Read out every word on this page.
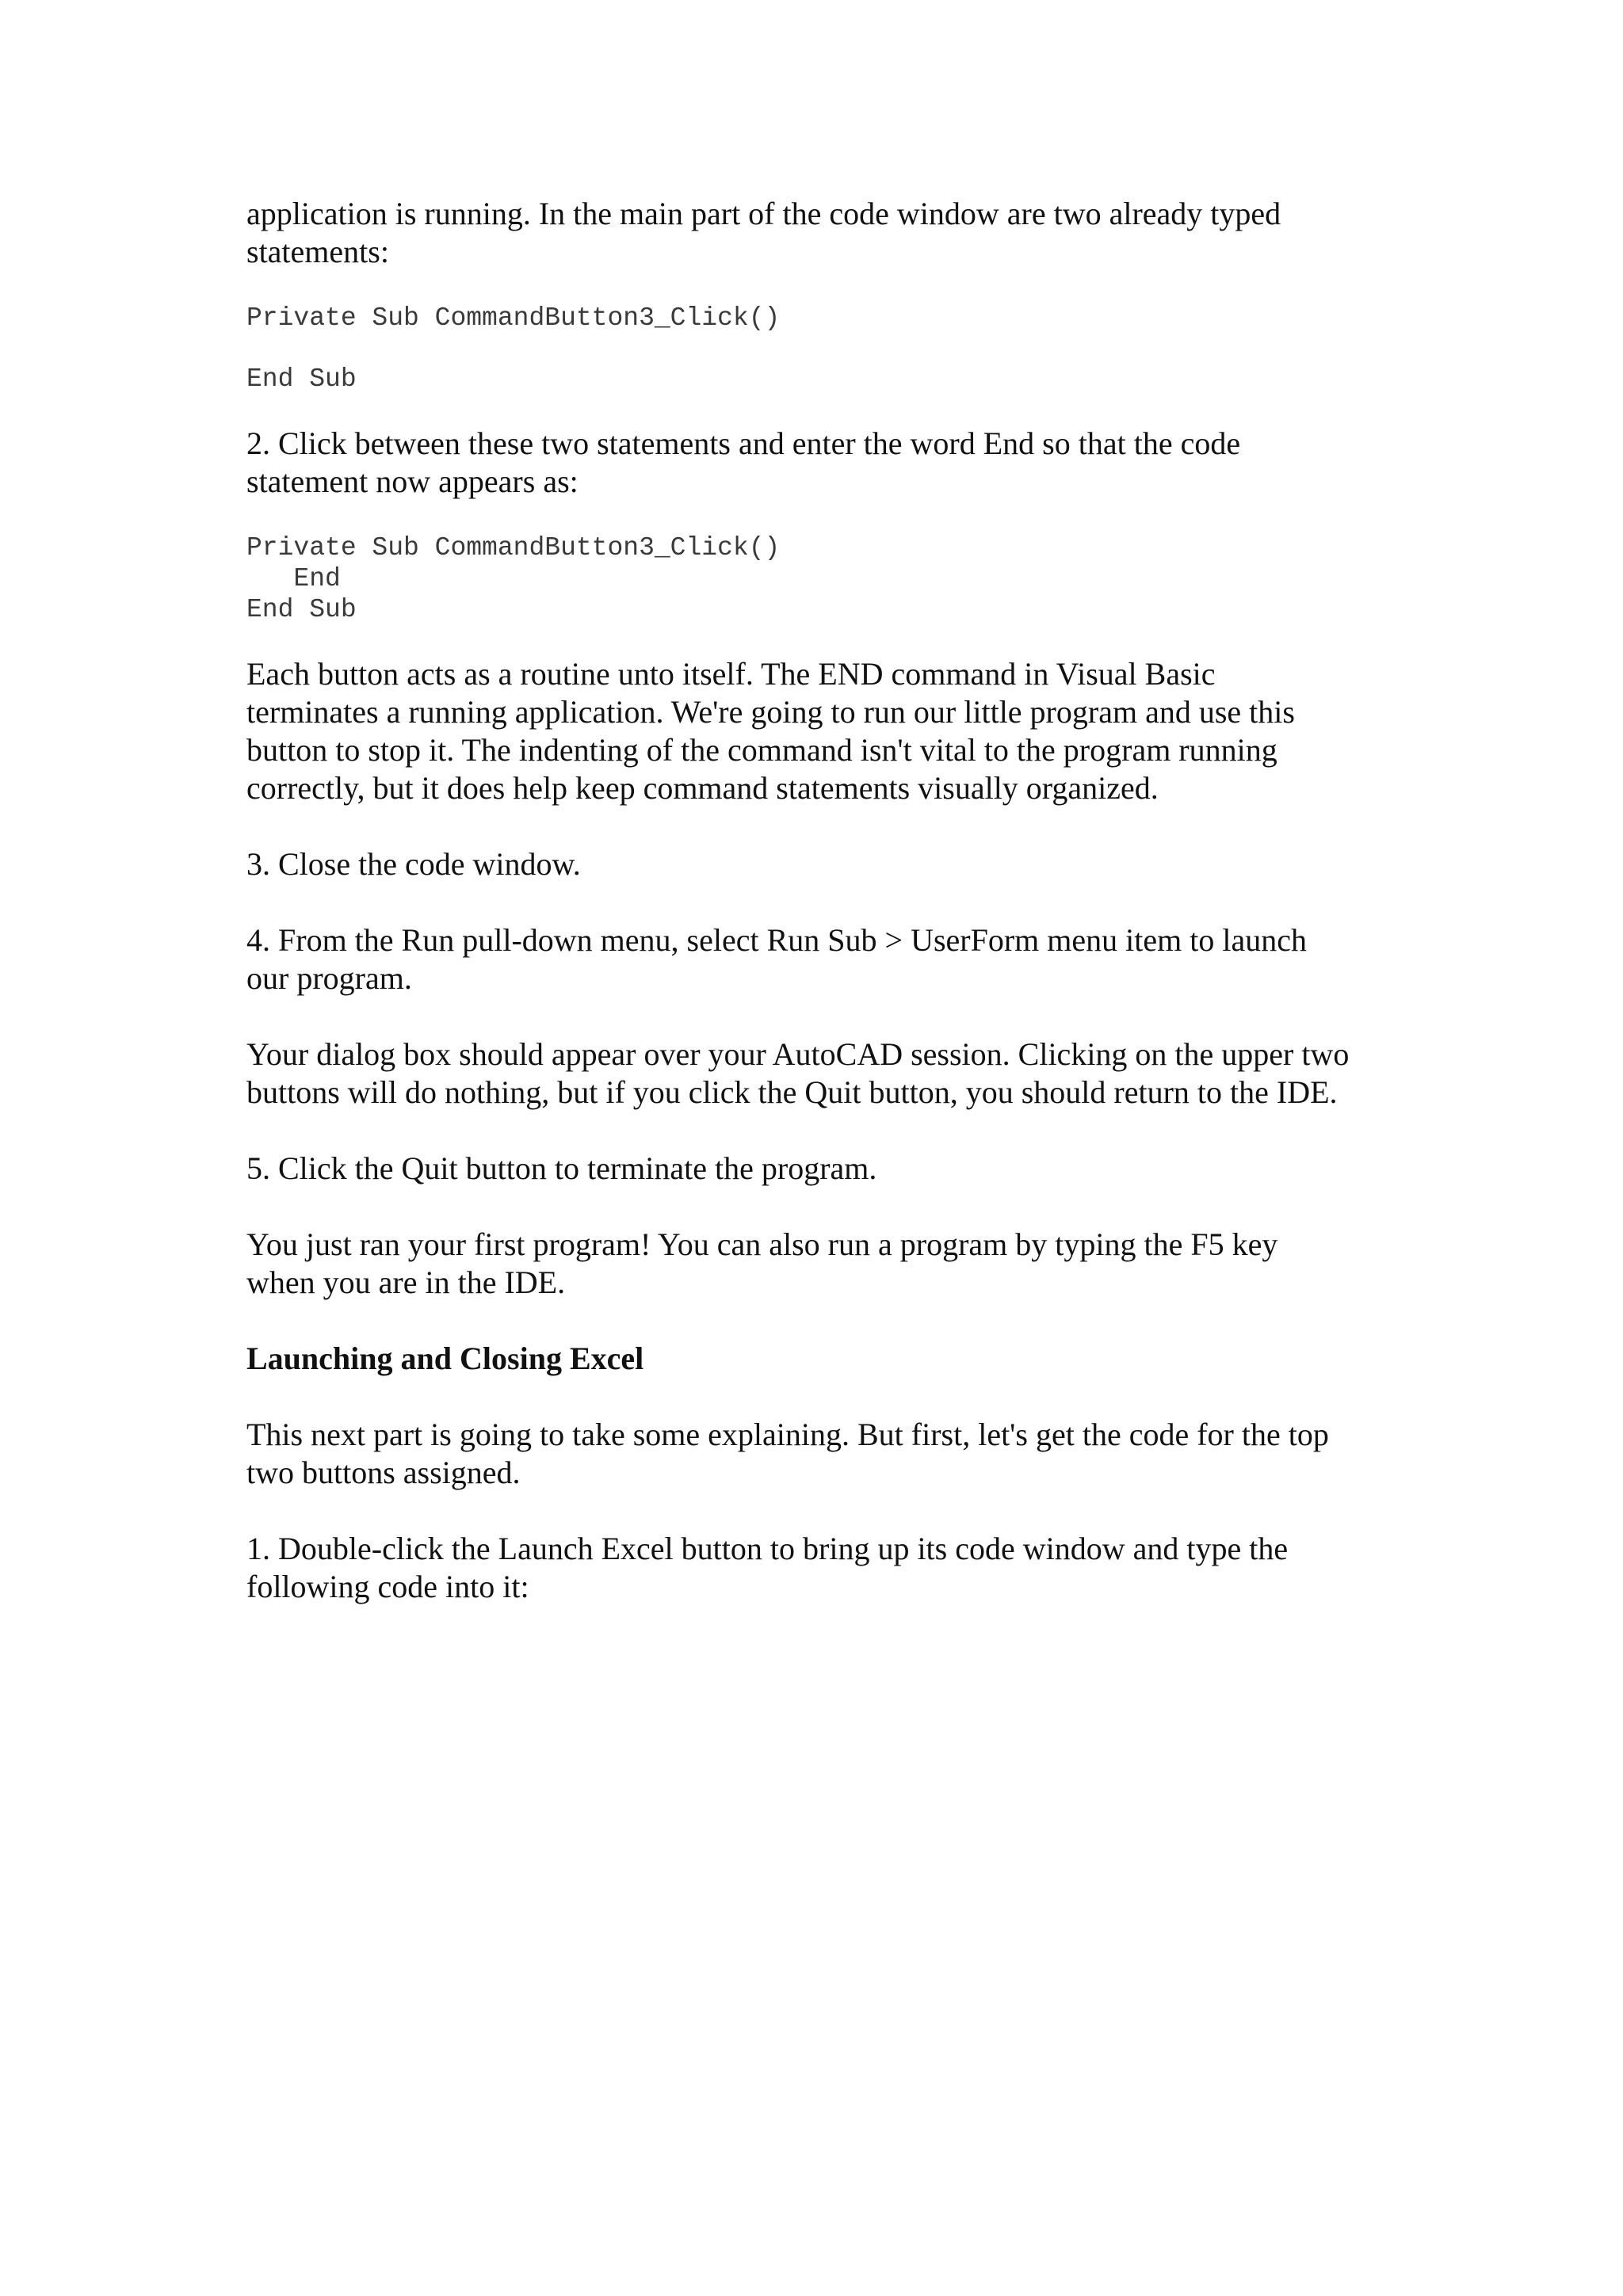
application is running. In the main part of the code window are two already typed statements:

Private Sub CommandButton3_Click()
End Sub

2. Click between these two statements and enter the word End so that the code statement now appears as:

Private Sub CommandButton3_Click()
End
End Sub

Each button acts as a routine unto itself. The END command in Visual Basic terminates a running application. We're going to run our little program and use this button to stop it. The indenting of the command isn't vital to the program running correctly, but it does help keep command statements visually organized.

3. Close the code window.

4. From the Run pull-down menu, select Run Sub > UserForm menu item to launch our program.

Your dialog box should appear over your AutoCAD session. Clicking on the upper two buttons will do nothing, but if you click the Quit button, you should return to the IDE.

5. Click the Quit button to terminate the program.

You just ran your first program! You can also run a program by typing the F5 key when you are in the IDE.

Launching and Closing Excel

This next part is going to take some explaining. But first, let's get the code for the top two buttons assigned.

1. Double-click the Launch Excel button to bring up its code window and type the following code into it:
